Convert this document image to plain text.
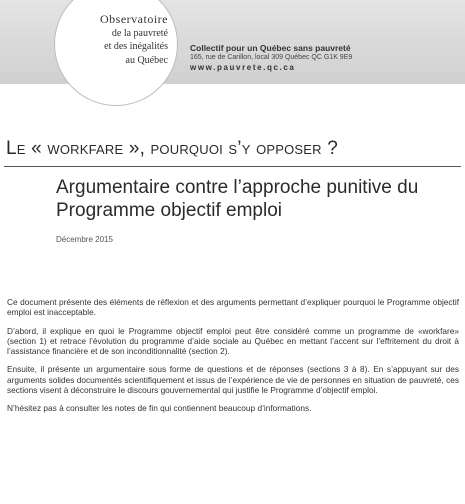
Observatoire
de la pauvreté
et des inégalités
au Québec
Collectif pour un Québec sans pauvreté
165, rue de Carillon, local 309 Québec QC G1K 9E9
www.pauvrete.qc.ca
Le « workfare », pourquoi s’y opposer ?
Argumentaire contre l’approche punitive du Programme objectif emploi
Décembre 2015

Ce document présente des éléments de réflexion et des arguments permettant d’expliquer pourquoi le Programme objectif emploi est inacceptable.

D’abord, il explique en quoi le Programme objectif emploi peut être considéré comme un programme de «workfare» (section 1) et retrace l’évolution du programme d’aide sociale au Québec en mettant l’accent sur l’effritement du droit à l’assistance financière et de son inconditionnalité (section 2).

Ensuite, il présente un argumentaire sous forme de questions et de réponses (sections 3 à 8). En s’appuyant sur des arguments solides documentés scientifiquement et issus de l’expérience de vie de personnes en situation de pauvreté, ces sections visent à déconstruire le discours gouvernemental qui justifie le Programme d’objectif emploi.

N’hésitez pas à consulter les notes de fin qui contiennent beaucoup d’informations.
